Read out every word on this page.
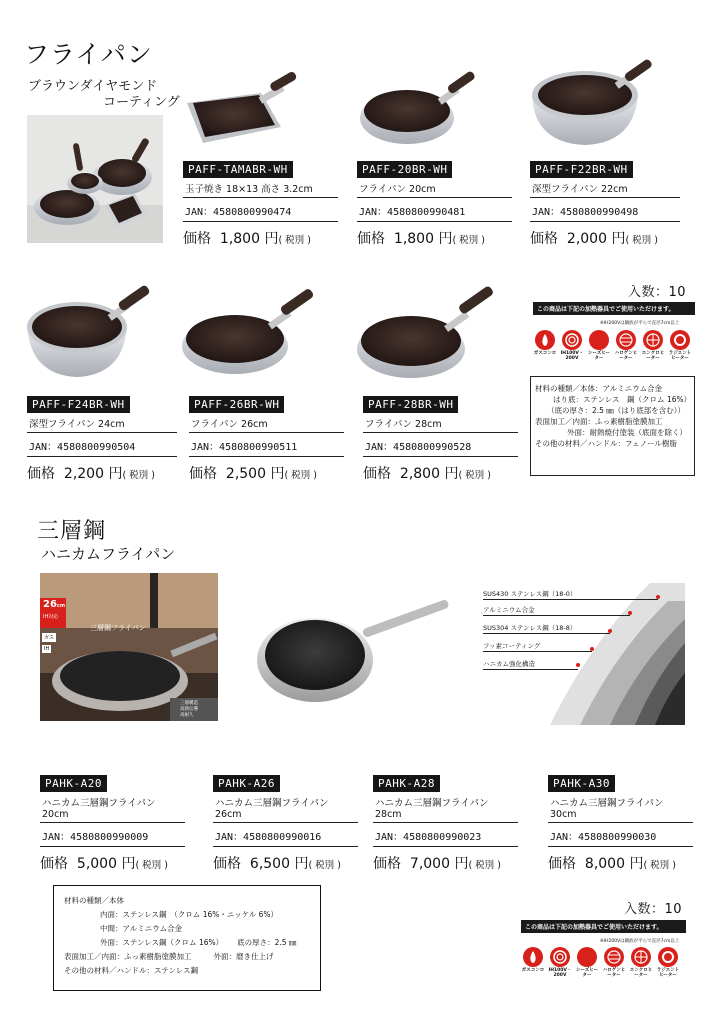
フライパン
ブラウンダイヤモンド
コーティング
PAFF-TAMABR-WH
玉子焼き 18×13 高さ 3.2cm
JAN：4580800990474
価格 1,800 円( 税別 )
PAFF-20BR-WH
フライパン 20cm
JAN：4580800990481
価格 1,800 円( 税別 )
PAFF-F22BR-WH
深型フライパン 22cm
JAN：4580800990498
価格 2,000 円( 税別 )
PAFF-F24BR-WH
深型フライパン 24cm
JAN：4580800990504
価格 2,200 円( 税別 )
PAFF-26BR-WH
フライパン 26cm
JAN：4580800990511
価格 2,500 円( 税別 )
PAFF-28BR-WH
フライパン 28cm
JAN：4580800990528
価格 2,800 円( 税別 )
入数：10
この商品は下記の加熱器具でご使用いただけます。
※IH200Vは鍋底が平らで直径7cm以上
ガスコンロ IH100V・200V
シーズヒーター
ハロゲンヒーター
エンクロヒーター
ラジエントヒーター
材料の種類／本体：アルミニウム合金
はり底：ステンレス　鋼（クロム 16%）
（底の厚さ：2.5 ㎜（はり底部を含む））
表面加工／内面：ふっ素樹脂塗膜加工
外面：耐熱焼付塗装（底面を除く）
その他の材料／ハンドル：フェノール樹脂
三層鋼
ハニカムフライパン
26cm
IH対応
ガス
IH
三層鋼フライパン
三層構造
高熱伝導
高耐久
SUS430 ステンレス鋼（18-0）
アルミニウム合金
SUS304 ステンレス鋼（18-8）
フッ素コーティング
ハニカム強化構造
PAHK-A20
ハニカム三層鋼フライパン 20cm
JAN：4580800990009
価格 5,000 円( 税別 )
PAHK-A26
ハニカム三層鋼フライパン 26cm
JAN：4580800990016
価格 6,500 円( 税別 )
PAHK-A28
ハニカム三層鋼フライパン 28cm
JAN：4580800990023
価格 7,000 円( 税別 )
PAHK-A30
ハニカム三層鋼フライパン 30cm
JAN：4580800990030
価格 8,000 円( 税別 )
材料の種類／本体
内面：ステンレス鋼　（クロム 16%・ニッケル 6%）
中間：アルミニウム合金
外面：ステンレス鋼（クロム 16%） 底の厚さ：2.5 ㎜
表面加工／内面：ふっ素樹脂塗膜加工	外面：磨き仕上げ
その他の材料／ハンドル：ステンレス鋼
入数：10
この商品は下記の加熱器具でご使用いただけます。
※IH200Vは鍋底が平らで直径7cm以上
ガスコンロ IH100V・200V
シーズヒーター
ハロゲンヒーター
エンクロヒーター
ラジエントヒーター
